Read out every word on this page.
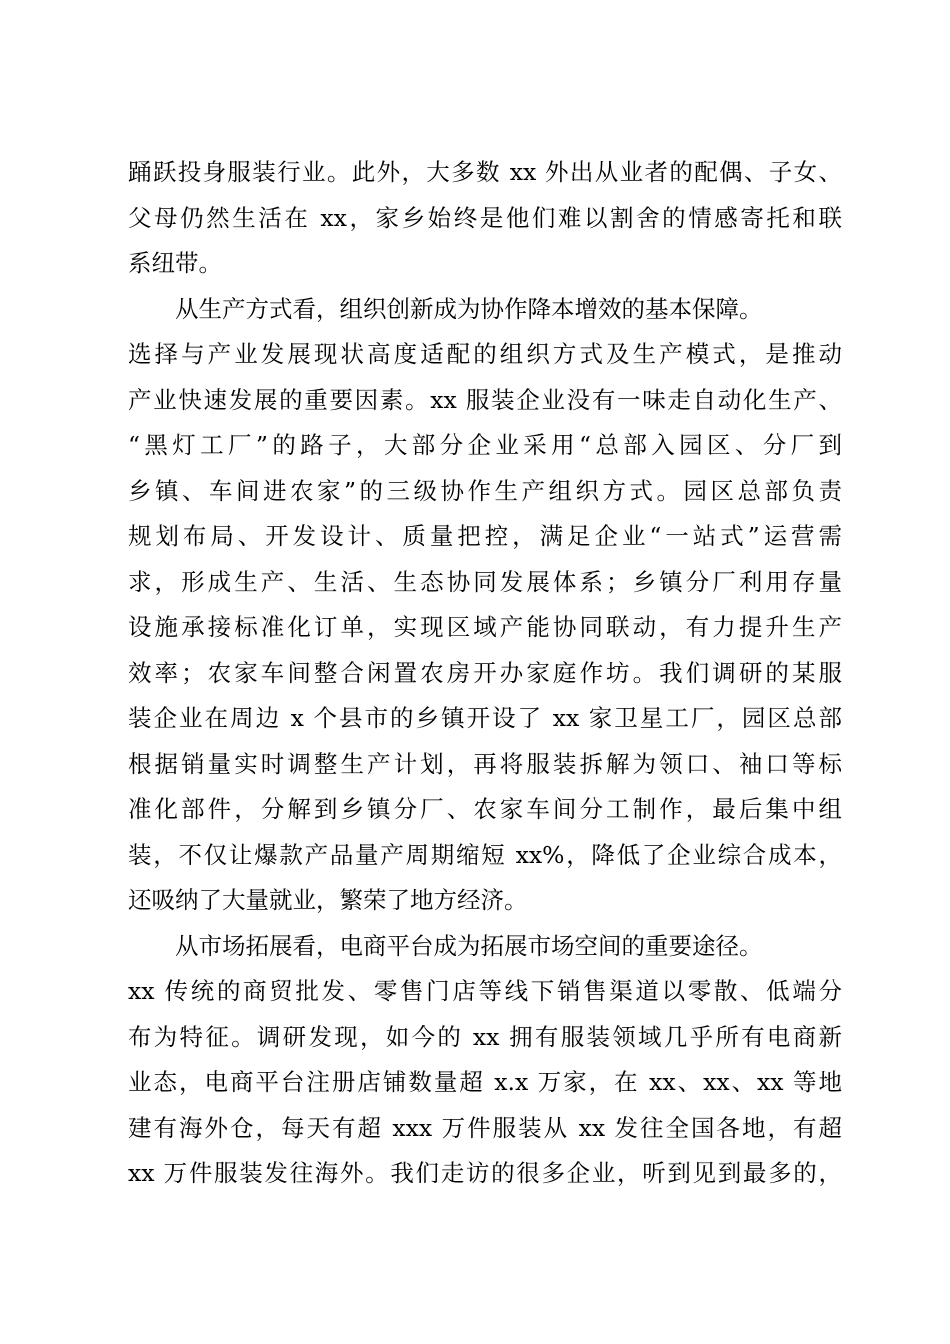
踊跃投身服装行业。此外，大多数 xx 外出从业者的配偶、子女、
父母仍然生活在 xx，家乡始终是他们难以割舍的情感寄托和联
系纽带。
从生产方式看，组织创新成为协作降本增效的基本保障。
选择与产业发展现状高度适配的组织方式及生产模式，是推动
产业快速发展的重要因素。xx 服装企业没有一味走自动化生产、
“黑灯工厂”的路子，大部分企业采用“总部入园区、分厂到
乡镇、车间进农家”的三级协作生产组织方式。园区总部负责
规划布局、开发设计、质量把控，满足企业“一站式”运营需
求，形成生产、生活、生态协同发展体系；乡镇分厂利用存量
设施承接标准化订单，实现区域产能协同联动，有力提升生产
效率；农家车间整合闲置农房开办家庭作坊。我们调研的某服
装企业在周边 x 个县市的乡镇开设了 xx 家卫星工厂，园区总部
根据销量实时调整生产计划，再将服装拆解为领口、袖口等标
准化部件，分解到乡镇分厂、农家车间分工制作，最后集中组
装，不仅让爆款产品量产周期缩短 xx%，降低了企业综合成本，
还吸纳了大量就业，繁荣了地方经济。
从市场拓展看，电商平台成为拓展市场空间的重要途径。
xx 传统的商贸批发、零售门店等线下销售渠道以零散、低端分
布为特征。调研发现，如今的 xx 拥有服装领域几乎所有电商新
业态，电商平台注册店铺数量超 x.x 万家，在 xx、xx、xx 等地
建有海外仓，每天有超 xxx 万件服装从 xx 发往全国各地，有超
xx 万件服装发往海外。我们走访的很多企业，听到见到最多的，
